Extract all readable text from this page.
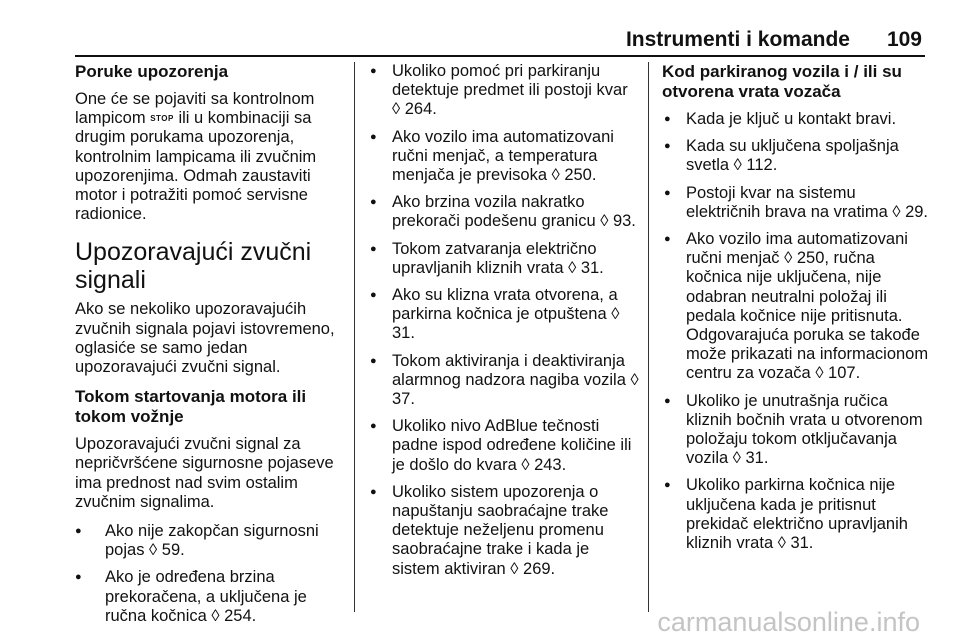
Instrumenti i komande 109
Poruke upozorenja
One će se pojaviti sa kontrolnom lampicom STOP ili u kombinaciji sa drugim porukama upozorenja, kontrolnim lampicama ili zvučnim upozorenjima. Odmah zaustaviti motor i potražiti pomoć servisne radionice.
Upozoravajući zvučni signali
Ako se nekoliko upozoravajućih zvučnih signala pojavi istovremeno, oglasiće se samo jedan upozoravajući zvučni signal.
Tokom startovanja motora ili tokom vožnje
Upozoravajući zvučni signal za nepričvršćene sigurnosne pojaseve ima prednost nad svim ostalim zvučnim signalima.
● Ako nije zakopčan sigurnosni pojas ◊ 59.
● Ako je određena brzina prekoračena, a uključena je ručna kočnica ◊ 254.
● Ukoliko pomoć pri parkiranju detektuje predmet ili postoji kvar ◊ 264.
● Ako vozilo ima automatizovani ručni menjač, a temperatura menjača je previsoka ◊ 250.
● Ako brzina vozila nakratko prekorači podešenu granicu ◊ 93.
● Tokom zatvaranja električno upravljanih kliznih vrata ◊ 31.
● Ako su klizna vrata otvorena, a parkirna kočnica je otpuštena ◊ 31.
● Tokom aktiviranja i deaktiviranja alarmnog nadzora nagiba vozila ◊ 37.
● Ukoliko nivo AdBlue tečnosti padne ispod određene količine ili je došlo do kvara ◊ 243.
● Ukoliko sistem upozorenja o napuštanju saobraćajne trake detektuje neželjenu promenu saobraćajne trake i kada je sistem aktiviran ◊ 269.
Kod parkiranog vozila i / ili su otvorena vrata vozača
● Kada je ključ u kontakt bravi.
● Kada su uključena spoljašnja svetla ◊ 112.
● Postoji kvar na sistemu električnih brava na vratima ◊ 29.
● Ako vozilo ima automatizovani ručni menjač ◊ 250, ručna kočnica nije uključena, nije odabran neutralni položaj ili pedala kočnice nije pritisnuta. Odgovarajuća poruka se takođe može prikazati na informacionom centru za vozača ◊ 107.
● Ukoliko je unutrašnja ručica kliznih bočnih vrata u otvorenom položaju tokom otključavanja vozila ◊ 31.
● Ukoliko parkirna kočnica nije uključena kada je pritisnut prekidač električno upravljanih kliznih vrata ◊ 31.
carmanualsonline.info
